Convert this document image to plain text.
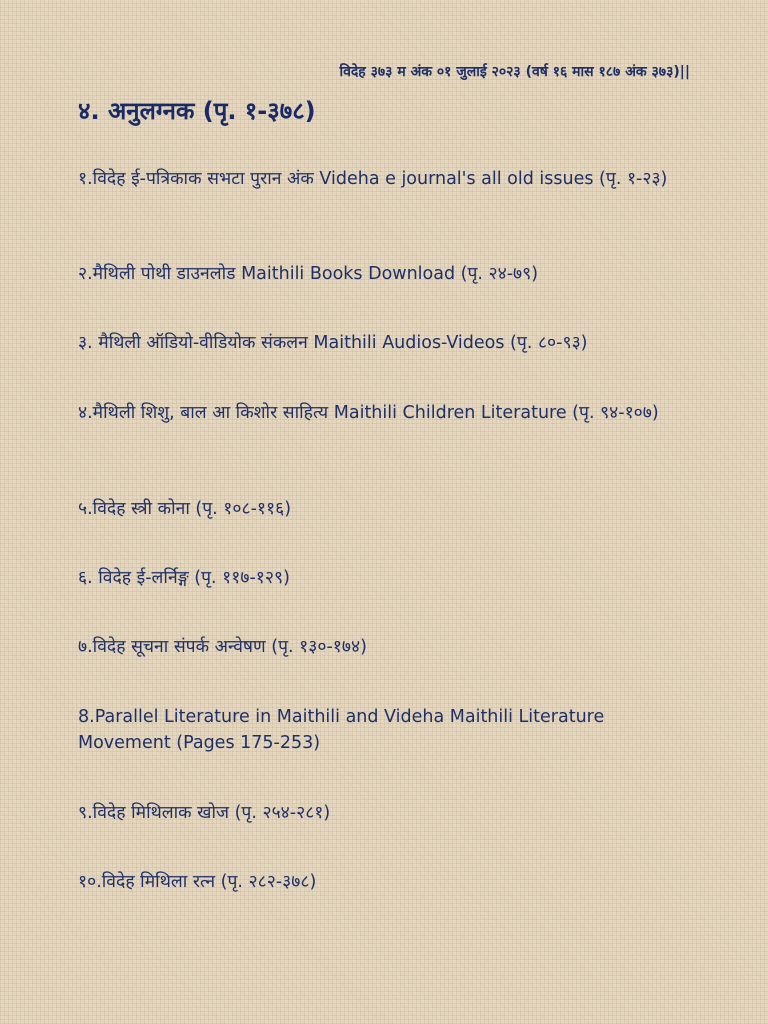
विदेह ३७३ म अंक ०१ जुलाई २०२३ (वर्ष १६ मास १८७ अंक ३७३)||
४. अनुलग्नक (पृ. १-३७८)
१.विदेह ई-पत्रिकाक सभटा पुरान अंक Videha e journal's all old issues (पृ. १-२३)
२.मैथिली पोथी डाउनलोड Maithili Books Download (पृ. २४-७९)
३. मैथिली ऑडियो-वीडियोक संकलन Maithili Audios-Videos (पृ. ८०-९३)
४.मैथिली शिशु, बाल आ किशोर साहित्य Maithili Children Literature (पृ. ९४-१०७)
५.विदेह स्त्री कोना (पृ. १०८-११६)
६. विदेह ई-लर्निङ्ग (पृ. ११७-१२९)
७.विदेह सूचना संपर्क अन्वेषण (पृ. १३०-१७४)
8.Parallel Literature in Maithili and Videha Maithili Literature Movement (Pages 175-253)
९.विदेह मिथिलाक खोज (पृ. २५४-२८१)
१०.विदेह मिथिला रत्न (पृ. २८२-३७८)
